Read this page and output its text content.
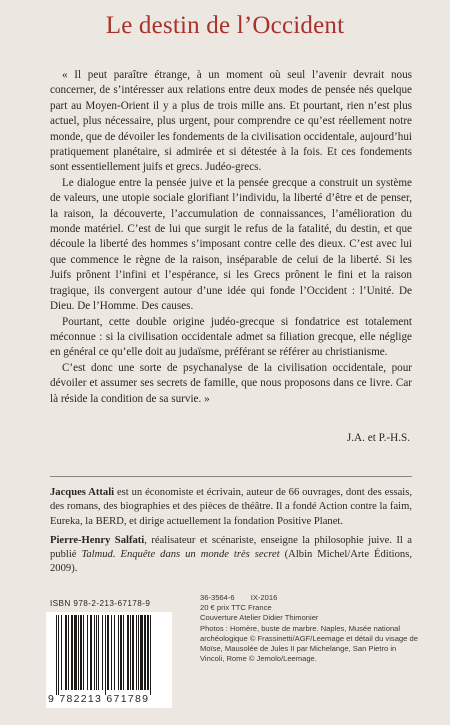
Le destin de l’Occident

« Il peut paraître étrange, à un moment où seul l’avenir devrait nous concerner, de s’intéresser aux relations entre deux modes de pensée nés quelque part au Moyen-Orient il y a plus de trois mille ans. Et pourtant, rien n’est plus actuel, plus nécessaire, plus urgent, pour comprendre ce qu’est réellement notre monde, que de dévoiler les fondements de la civilisation occidentale, aujourd’hui pratiquement planétaire, si admirée et si détestée à la fois. Et ces fondements sont essentiellement juifs et grecs. Judéo-grecs.

Le dialogue entre la pensée juive et la pensée grecque a construit un système de valeurs, une utopie sociale glorifiant l’individu, la liberté d’être et de penser, la raison, la découverte, l’accumulation de connaissances, l’amélioration du monde matériel. C’est de lui que surgit le refus de la fatalité, du destin, et que découle la liberté des hommes s’imposant contre celle des dieux. C’est avec lui que commence le règne de la raison, inséparable de celui de la liberté. Si les Juifs prônent l’infini et l’espérance, si les Grecs prônent le fini et la raison tragique, ils convergent autour d’une idée qui fonde l’Occident : l’Unité. De Dieu. De l’Homme. Des causes.

Pourtant, cette double origine judéo-grecque si fondatrice est totalement méconnue : si la civilisation occidentale admet sa filiation grecque, elle néglige en général ce qu’elle doit au judaïsme, préférant se référer au christianisme.

C’est donc une sorte de psychanalyse de la civilisation occidentale, pour dévoiler et assumer ses secrets de famille, que nous proposons dans ce livre. Car là réside la condition de sa survie. »

J.A. et P.-H.S.

Jacques Attali est un économiste et écrivain, auteur de 66 ouvrages, dont des essais, des romans, des biographies et des pièces de théâtre. Il a fondé Action contre la faim, Eureka, la BERD, et dirige actuellement la fondation Positive Planet.

Pierre-Henry Salfati, réalisateur et scénariste, enseigne la philosophie juive. Il a publié Talmud. Enquête dans un monde très secret (Albin Michel/Arte Éditions, 2009).

ISBN 978-2-213-67178-9
9 782213 671789
36-3564-6 IX-2016
20 € prix TTC France
Couverture Atelier Didier Thimonier
Photos : Homère, buste de marbre. Naples, Musée national archéologique © Frassinetti/AGF/Leemage et détail du visage de Moïse, Mausolée de Jules II par Michelange, San Pietro in Vincoli, Rome © Jemolo/Leemage.
